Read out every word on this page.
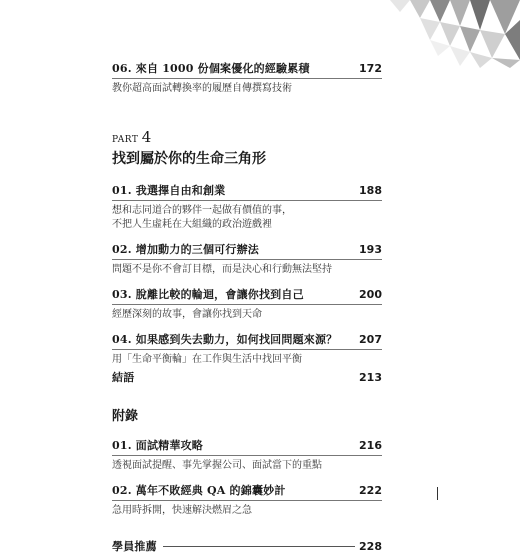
06. 來自 1000 份個案優化的經驗累積	172
教你超高面試轉換率的履歷自傳撰寫技術
PART 4
找到屬於你的生命三角形
01. 我選擇自由和創業	188
想和志同道合的夥伴一起做有價值的事，
不把人生虛耗在大組織的政治遊戲裡
02. 增加動力的三個可行辦法	193
問題不是你不會訂目標，而是決心和行動無法堅持
03. 脫離比較的輪迴，會讓你找到自己	200
經歷深刻的故事，會讓你找到天命
04. 如果感到失去動力，如何找回問題來源？ 207
用「生命平衡輪」在工作與生活中找回平衡
結語	213
附錄
01. 面試精華攻略	216
透視面試提醒、事先掌握公司、面試當下的重點
02. 萬年不敗經典 QA 的錦囊妙計	222
急用時拆開，快速解決燃眉之急
學員推薦	228
